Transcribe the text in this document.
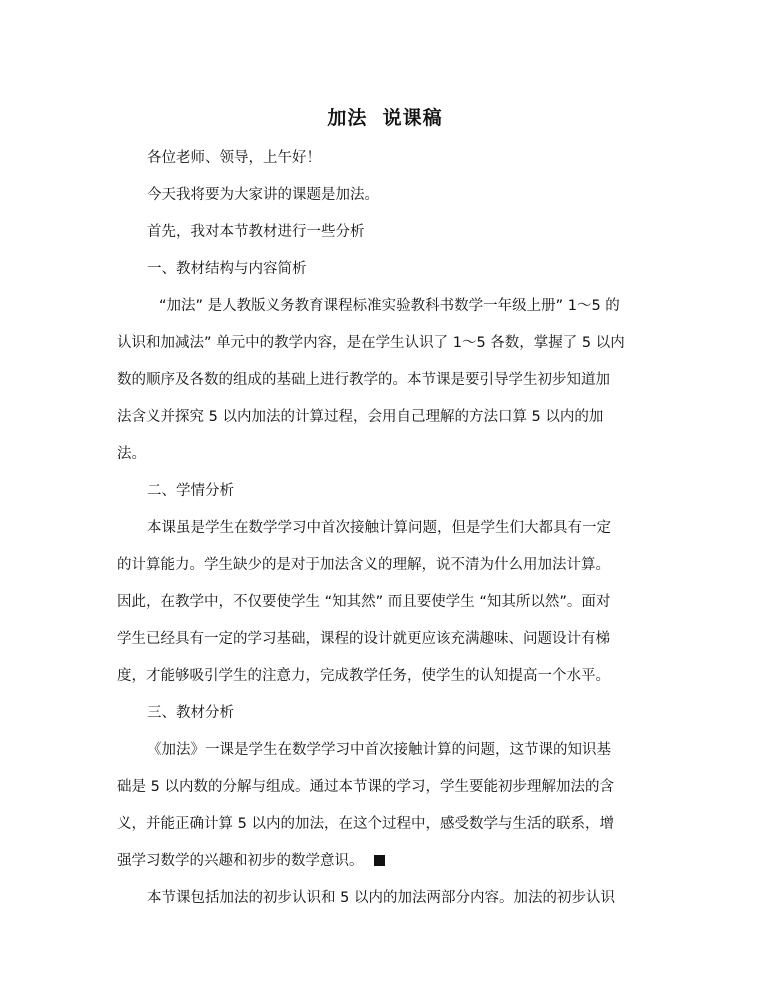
加法  说课稿
各位老师、领导，上午好！
今天我将要为大家讲的课题是加法。
首先，我对本节教材进行一些分析
一、教材结构与内容简析
“加法” 是人教版义务教育课程标准实验教科书数学一年级上册” 1～5 的
认识和加减法” 单元中的教学内容，是在学生认识了 1～5 各数，掌握了 5 以内
数的顺序及各数的组成的基础上进行教学的。本节课是要引导学生初步知道加
法含义并探究 5 以内加法的计算过程，会用自己理解的方法口算 5 以内的加
法。
二、学情分析
本课虽是学生在数学学习中首次接触计算问题，但是学生们大都具有一定
的计算能力。学生缺少的是对于加法含义的理解，说不清为什么用加法计算。
因此，在教学中，不仅要使学生 “知其然” 而且要使学生 “知其所以然”。面对
学生已经具有一定的学习基础，课程的设计就更应该充满趣味、问题设计有梯
度，才能够吸引学生的注意力，完成教学任务，使学生的认知提高一个水平。
三、教材分析
《加法》一课是学生在数学学习中首次接触计算的问题，这节课的知识基
础是 5 以内数的分解与组成。通过本节课的学习，学生要能初步理解加法的含
义，并能正确计算 5 以内的加法，在这个过程中，感受数学与生活的联系，增
强学习数学的兴趣和初步的数学意识。
本节课包括加法的初步认识和 5 以内的加法两部分内容。加法的初步认识
